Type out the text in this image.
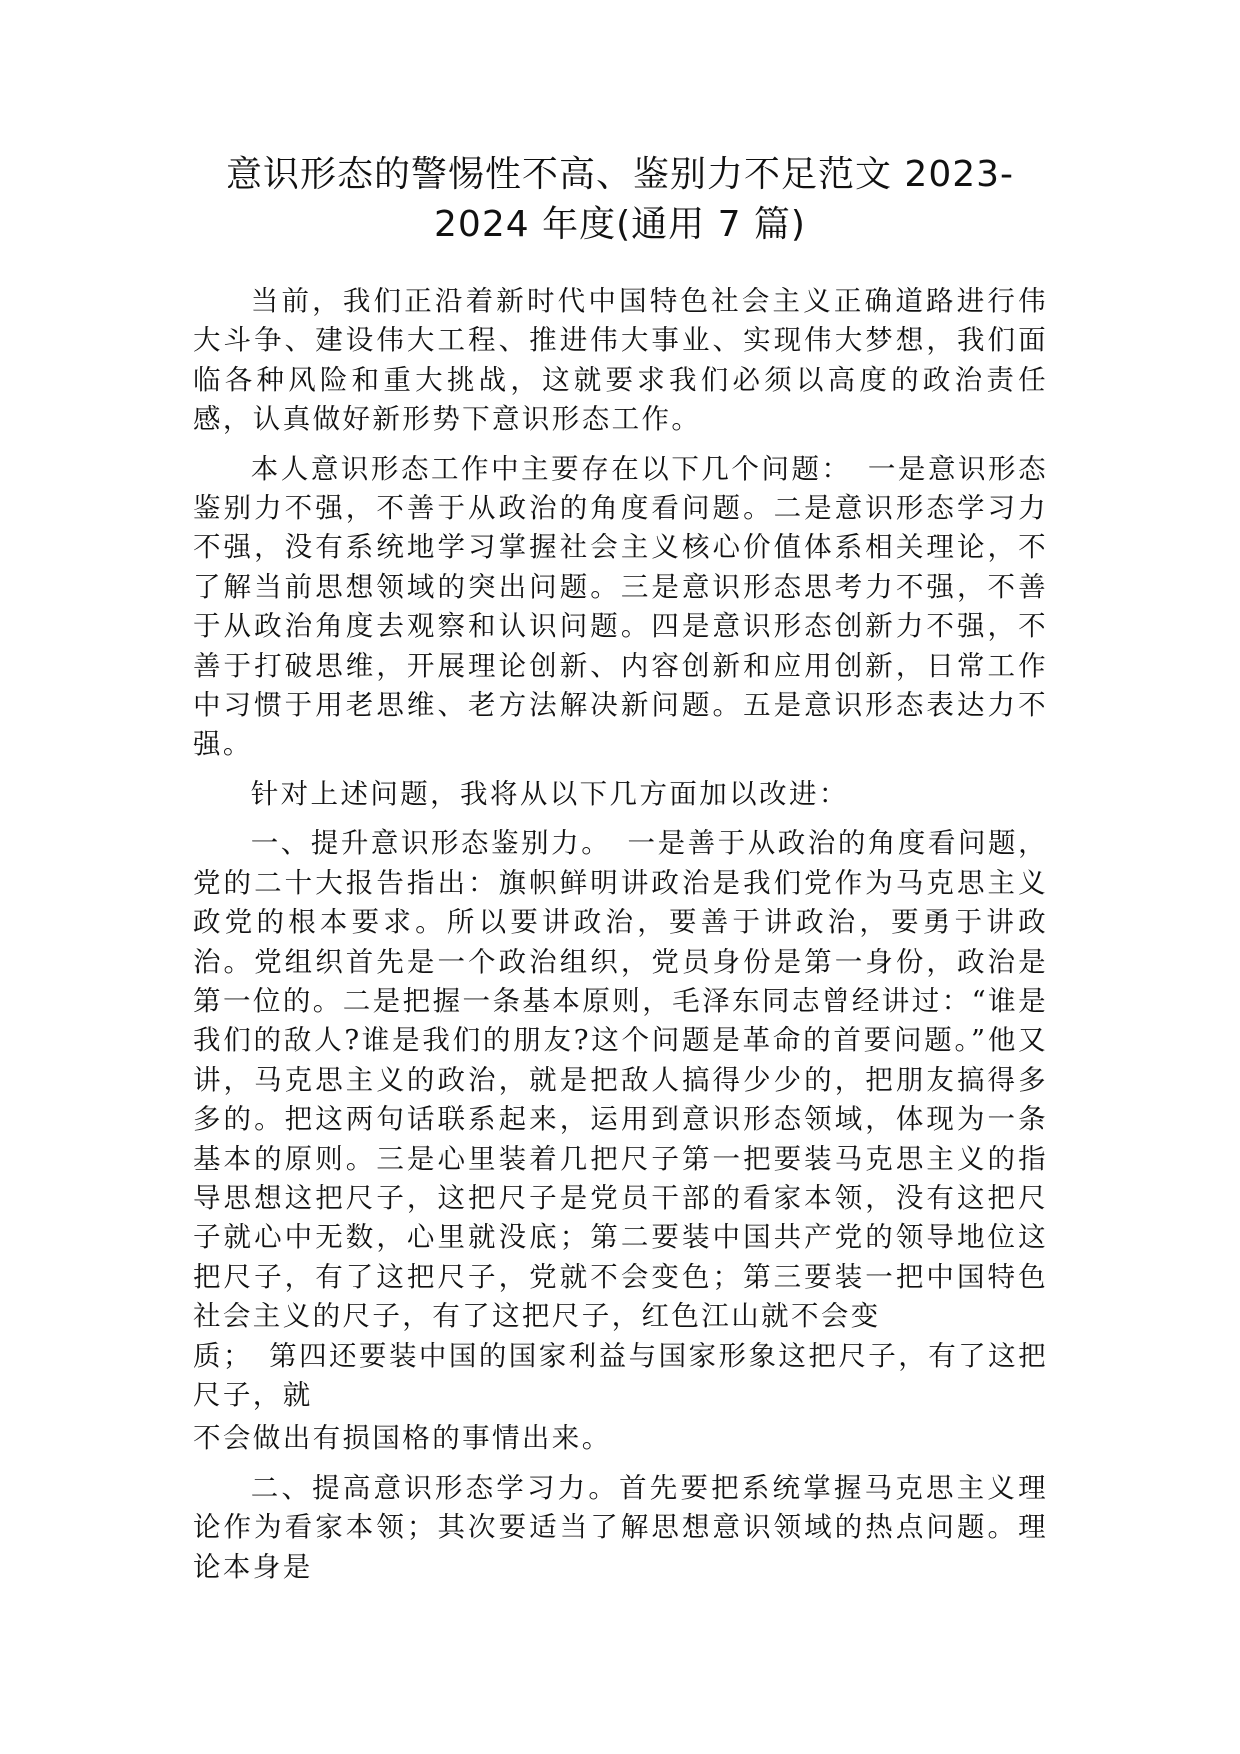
意识形态的警惕性不高、鉴别力不足范文 2023-
2024 年度(通用 7 篇)

当前，我们正沿着新时代中国特色社会主义正确道路进行伟大斗争、建设伟大工程、推进伟大事业、实现伟大梦想，我们面临各种风险和重大挑战，这就要求我们必须以高度的政治责任感，认真做好新形势下意识形态工作。

本人意识形态工作中主要存在以下几个问题：　一是意识形态鉴别力不强，不善于从政治的角度看问题。二是意识形态学习力不强，没有系统地学习掌握社会主义核心价值体系相关理论，不了解当前思想领域的突出问题。三是意识形态思考力不强，不善于从政治角度去观察和认识问题。四是意识形态创新力不强，不善于打破思维，开展理论创新、内容创新和应用创新，日常工作中习惯于用老思维、老方法解决新问题。五是意识形态表达力不强。

针对上述问题，我将从以下几方面加以改进：

一、提升意识形态鉴别力。　一是善于从政治的角度看问题，党的二十大报告指出：旗帜鲜明讲政治是我们党作为马克思主义政党的根本要求。所以要讲政治，要善于讲政治，要勇于讲政治。党组织首先是一个政治组织，党员身份是第一身份，政治是第一位的。二是把握一条基本原则，毛泽东同志曾经讲过：“谁是我们的敌人?谁是我们的朋友?这个问题是革命的首要问题。”他又讲，马克思主义的政治，就是把敌人搞得少少的，把朋友搞得多多的。把这两句话联系起来，运用到意识形态领域，体现为一条基本的原则。三是心里装着几把尺子第一把要装马克思主义的指导思想这把尺子，这把尺子是党员干部的看家本领，没有这把尺子就心中无数，心里就没底；第二要装中国共产党的领导地位这把尺子，有了这把尺子，党就不会变色；第三要装一把中国特色社会主义的尺子，有了这把尺子，红色江山就不会变

质；　第四还要装中国的国家利益与国家形象这把尺子，有了这把尺子，就

不会做出有损国格的事情出来。

二、提高意识形态学习力。首先要把系统掌握马克思主义理论作为看家本领；其次要适当了解思想意识领域的热点问题。理论本身是
